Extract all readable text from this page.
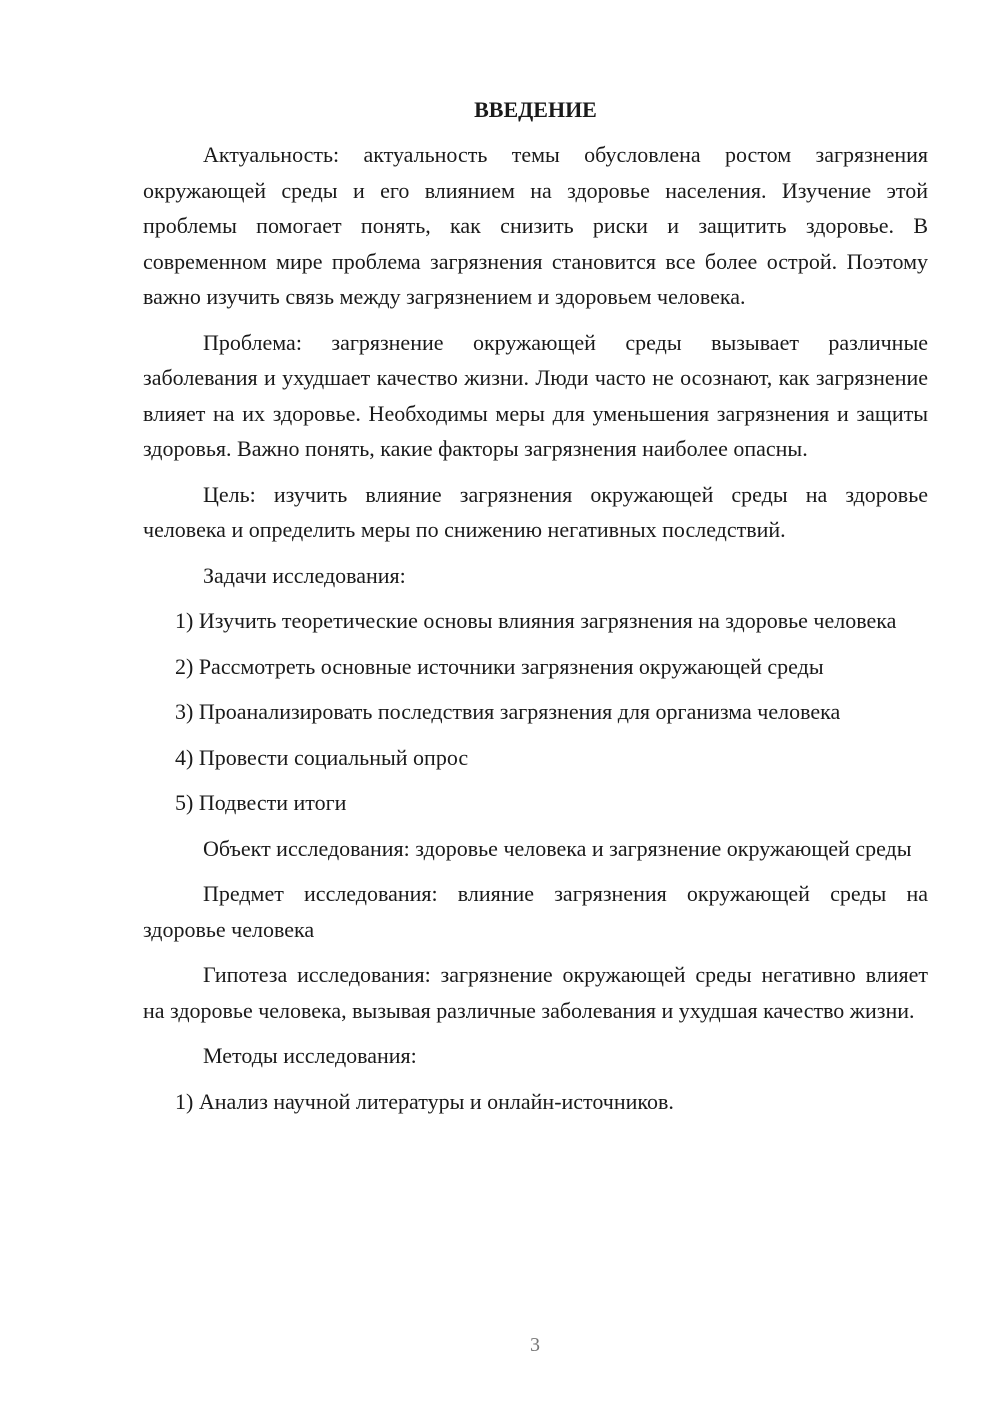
ВВЕДЕНИЕ

Актуальность: актуальность темы обусловлена ростом загрязнения окружающей среды и его влиянием на здоровье населения. Изучение этой проблемы помогает понять, как снизить риски и защитить здоровье. В современном мире проблема загрязнения становится все более острой. Поэтому важно изучить связь между загрязнением и здоровьем человека.

Проблема: загрязнение окружающей среды вызывает различные заболевания и ухудшает качество жизни. Люди часто не осознают, как загрязнение влияет на их здоровье. Необходимы меры для уменьшения загрязнения и защиты здоровья. Важно понять, какие факторы загрязнения наиболее опасны.

Цель: изучить влияние загрязнения окружающей среды на здоровье человека и определить меры по снижению негативных последствий.

Задачи исследования:

1) Изучить теоретические основы влияния загрязнения на здоровье человека

2) Рассмотреть основные источники загрязнения окружающей среды

3) Проанализировать последствия загрязнения для организма человека

4) Провести социальный опрос

5) Подвести итоги

Объект исследования: здоровье человека и загрязнение окружающей среды

Предмет исследования: влияние загрязнения окружающей среды на здоровье человека

Гипотеза исследования: загрязнение окружающей среды негативно влияет на здоровье человека, вызывая различные заболевания и ухудшая качество жизни.

Методы исследования:

1) Анализ научной литературы и онлайн-источников.

3
